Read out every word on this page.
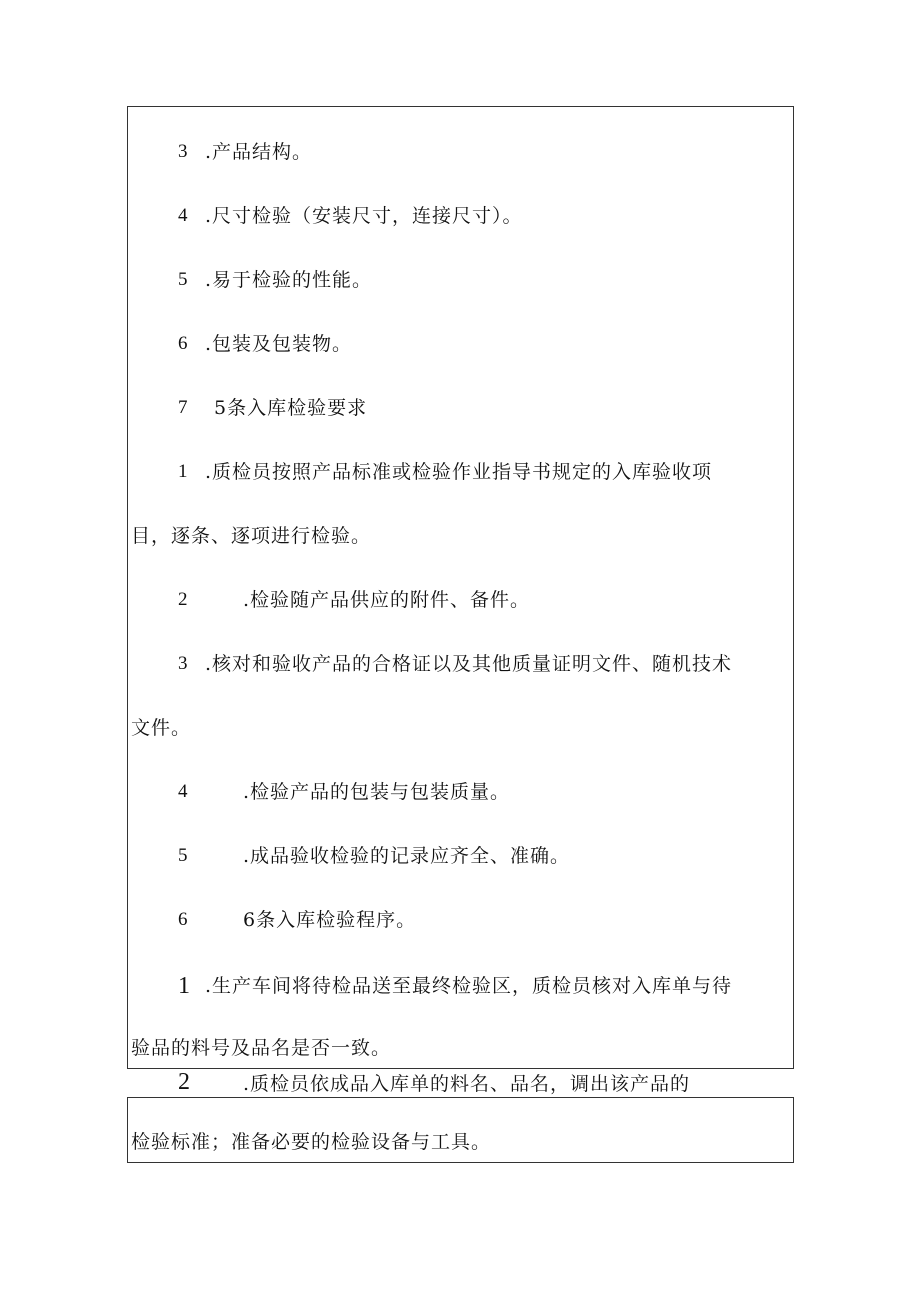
3 .产品结构。
4 .尺寸检验（安装尺寸，连接尺寸）。
5 .易于检验的性能。
6 .包装及包装物。
7 5条入库检验要求
1 .质检员按照产品标准或检验作业指导书规定的入库验收项
目，逐条、逐项进行检验。
2	.检验随产品供应的附件、备件。
3 .核对和验收产品的合格证以及其他质量证明文件、随机技术
文件。
4	.检验产品的包装与包装质量。
5	.成品验收检验的记录应齐全、准确。
6	6条入库检验程序。
1 .生产车间将待检品送至最终检验区，质检员核对入库单与待
验品的料号及品名是否一致。
2	.质检员依成品入库单的料名、品名，调出该产品的
检验标准；准备必要的检验设备与工具。
